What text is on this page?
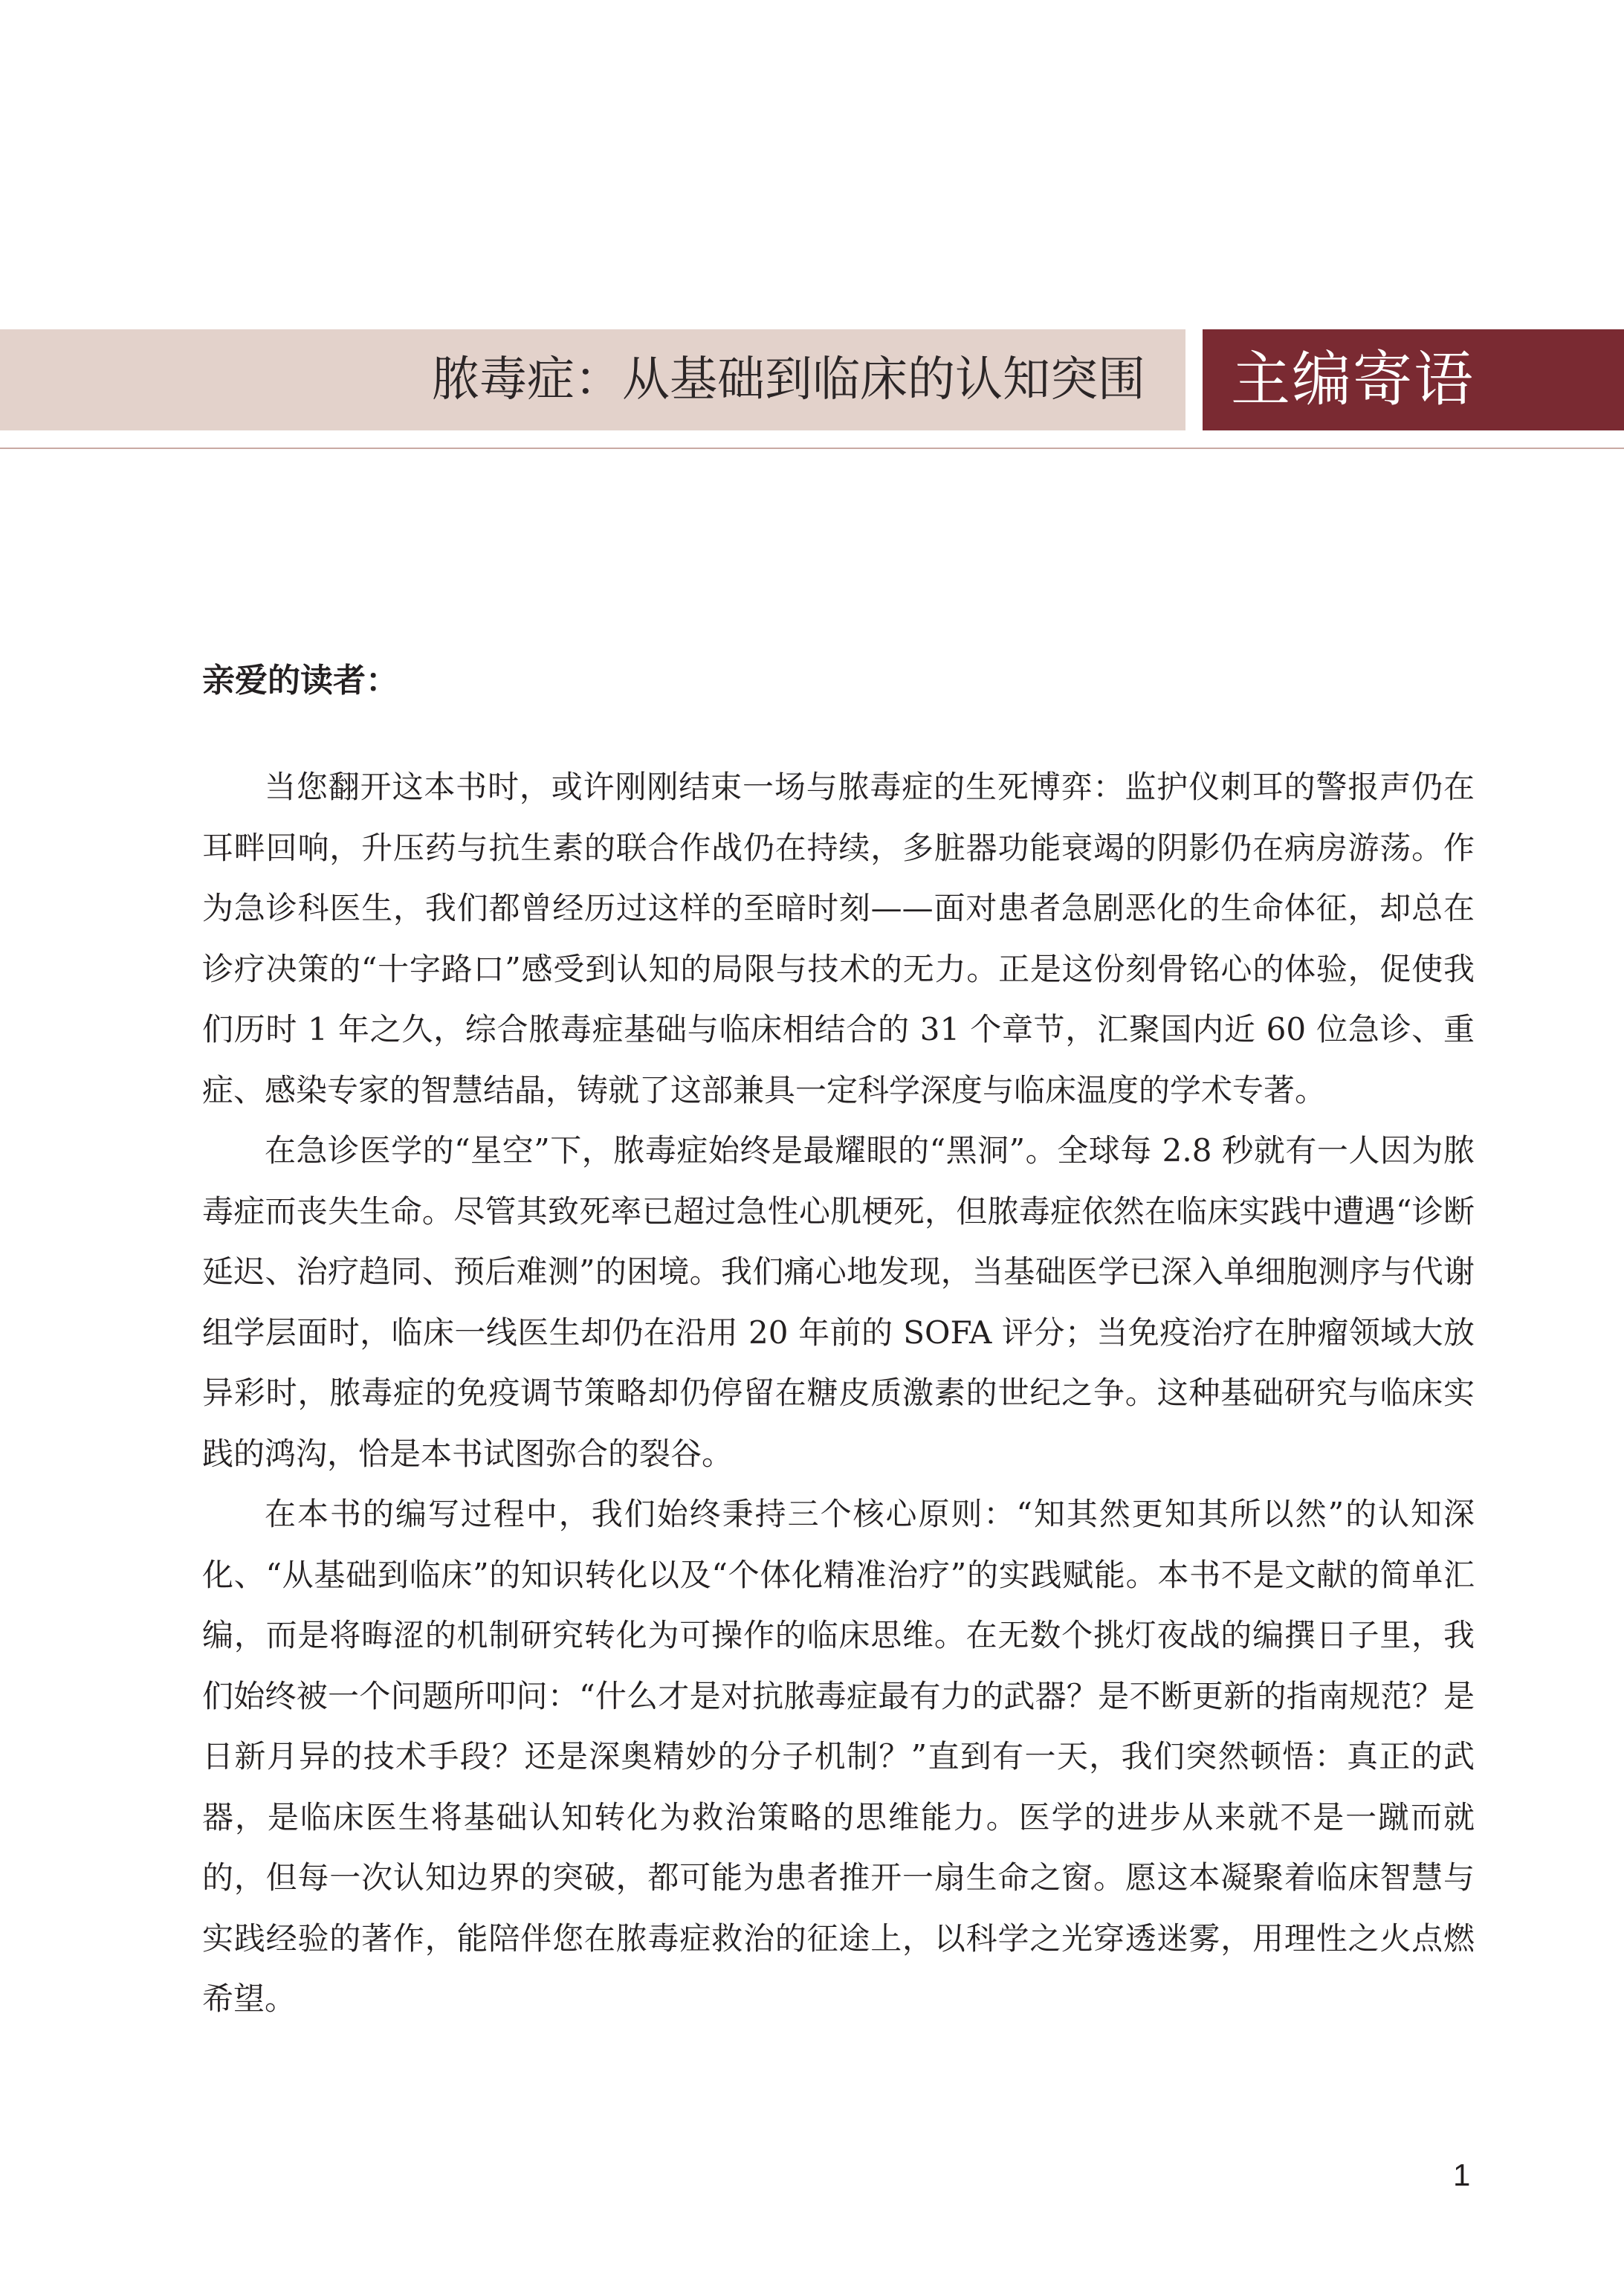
脓毒症：从基础到临床的认知突围 主编寄语
亲爱的读者：

当您翻开这本书时，或许刚刚结束一场与脓毒症的生死博弈：监护仪刺耳的警报声仍在耳畔回响，升压药与抗生素的联合作战仍在持续，多脏器功能衰竭的阴影仍在病房游荡。作为急诊科医生，我们都曾经历过这样的至暗时刻——面对患者急剧恶化的生命体征，却总在诊疗决策的“十字路口”感受到认知的局限与技术的无力。正是这份刻骨铭心的体验，促使我们历时 1 年之久，综合脓毒症基础与临床相结合的 31 个章节，汇聚国内近 60 位急诊、重症、感染专家的智慧结晶，铸就了这部兼具一定科学深度与临床温度的学术专著。

在急诊医学的“星空”下，脓毒症始终是最耀眼的“黑洞”。全球每 2.8 秒就有一人因为脓毒症而丧失生命。尽管其致死率已超过急性心肌梗死，但脓毒症依然在临床实践中遭遇“诊断延迟、治疗趋同、预后难测”的困境。我们痛心地发现，当基础医学已深入单细胞测序与代谢组学层面时，临床一线医生却仍在沿用 20 年前的 SOFA 评分；当免疫治疗在肿瘤领域大放异彩时，脓毒症的免疫调节策略却仍停留在糖皮质激素的世纪之争。这种基础研究与临床实践的鸿沟，恰是本书试图弥合的裂谷。

在本书的编写过程中，我们始终秉持三个核心原则：“知其然更知其所以然”的认知深化、“从基础到临床”的知识转化以及“个体化精准治疗”的实践赋能。本书不是文献的简单汇编，而是将晦涩的机制研究转化为可操作的临床思维。在无数个挑灯夜战的编撰日子里，我们始终被一个问题所叩问：“什么才是对抗脓毒症最有力的武器？是不断更新的指南规范？是日新月异的技术手段？还是深奥精妙的分子机制？”直到有一天，我们突然顿悟：真正的武器，是临床医生将基础认知转化为救治策略的思维能力。医学的进步从来就不是一蹴而就的，但每一次认知边界的突破，都可能为患者推开一扇生命之窗。愿这本凝聚着临床智慧与实践经验的著作，能陪伴您在脓毒症救治的征途上，以科学之光穿透迷雾，用理性之火点燃希望。

1
